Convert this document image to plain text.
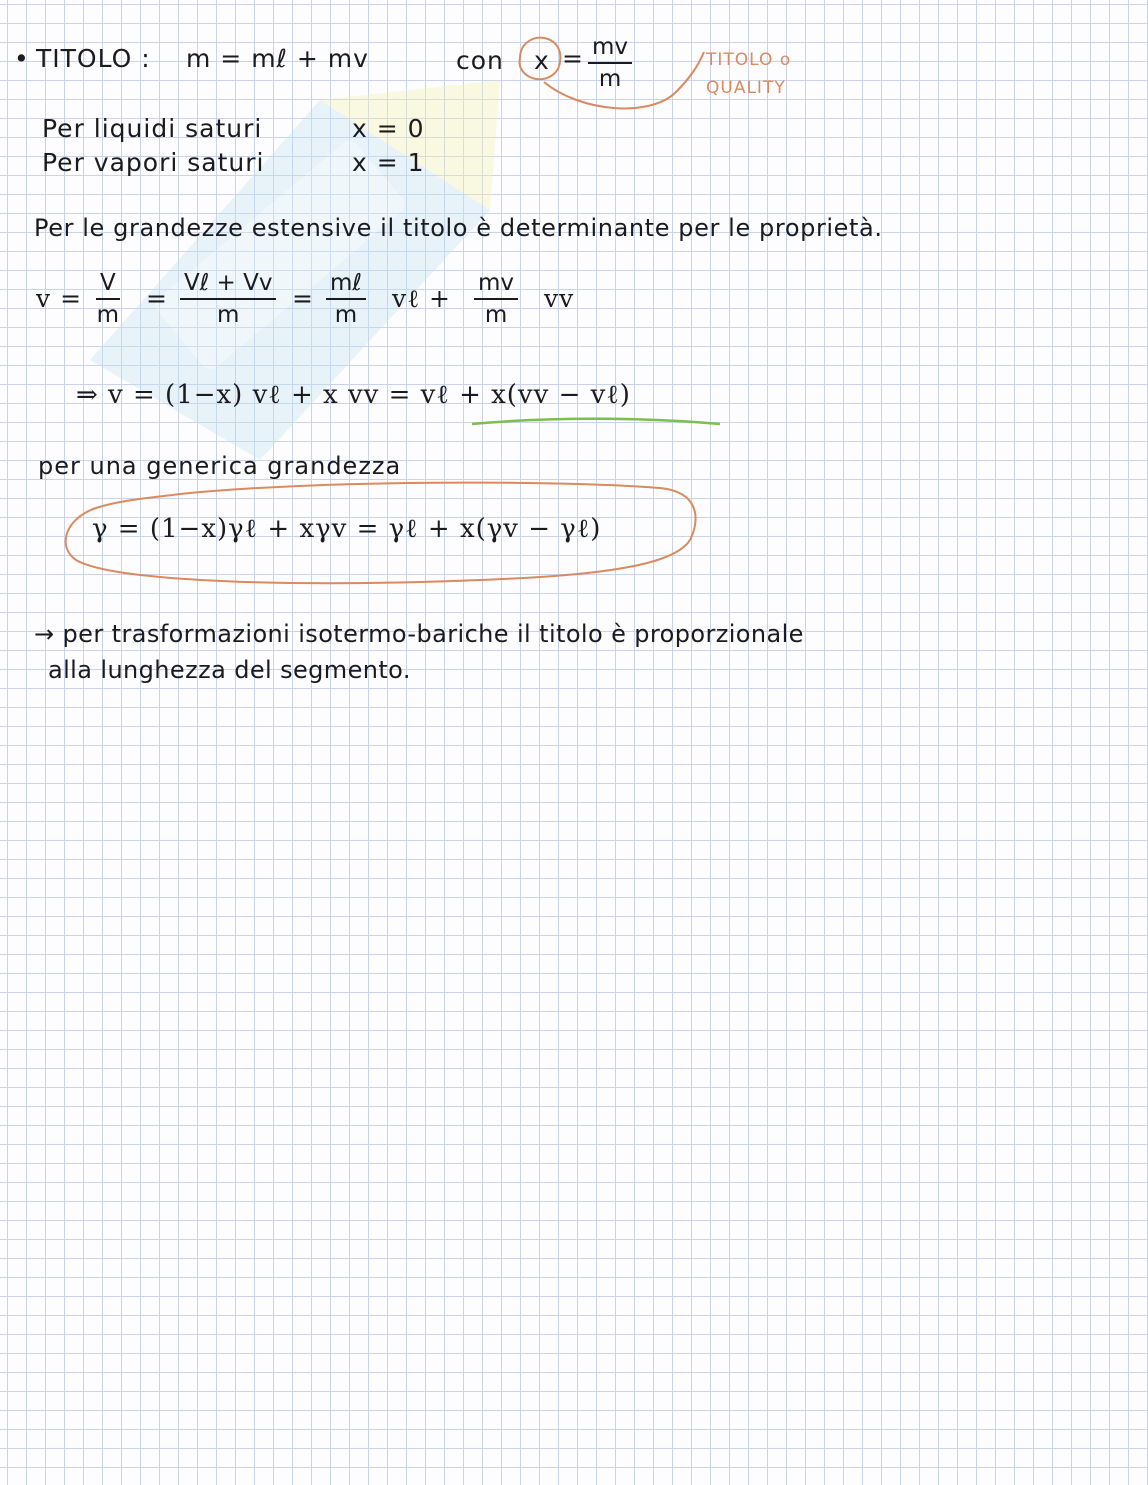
• TITOLO : m = mℓ + mv	con $x = \frac{mv}{m}$	TITOLO o
QUALITY
Per liquidi saturi	x = 0
Per vapori saturi	x = 1
Per le grandezze estensive il titolo è determinante per le proprietà.
$v = \frac{V}{m}$ =
Vℓ + Vv
m
=
mℓ
m
vℓ + $\frac{mv}{m}$ vv
⇒ v = (1−x) vℓ + x vv = vℓ + x(vv − vℓ)
per una generica grandezza
γ = (1−x)γℓ + xγv = γℓ + x(γv − γℓ)
→ per trasformazioni isotermo-bariche il titolo è proporzionale
alla lunghezza del segmento.
